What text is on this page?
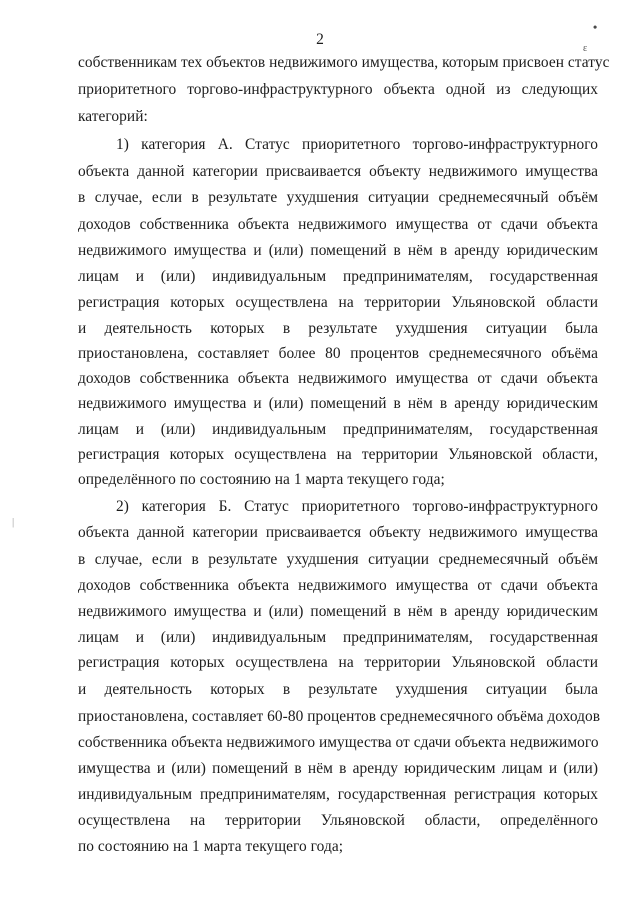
2
•
ɛ
|
собственникам тех объектов недвижимого имущества, которым присвоен статус
приоритетного торгово-инфраструктурного объекта одной из следующих
категорий:
1) категория А. Статус приоритетного торгово-инфраструктурного
объекта данной категории присваивается объекту недвижимого имущества
в случае, если в результате ухудшения ситуации среднемесячный объём
доходов собственника объекта недвижимого имущества от сдачи объекта
недвижимого имущества и (или) помещений в нём в аренду юридическим
лицам и (или) индивидуальным предпринимателям, государственная
регистрация которых осуществлена на территории Ульяновской области
и деятельность которых в результате ухудшения ситуации была
приостановлена, составляет более 80 процентов среднемесячного объёма
доходов собственника объекта недвижимого имущества от сдачи объекта
недвижимого имущества и (или) помещений в нём в аренду юридическим
лицам и (или) индивидуальным предпринимателям, государственная
регистрация которых осуществлена на территории Ульяновской области,
определённого по состоянию на 1 марта текущего года;
2) категория Б. Статус приоритетного торгово-инфраструктурного
объекта данной категории присваивается объекту недвижимого имущества
в случае, если в результате ухудшения ситуации среднемесячный объём
доходов собственника объекта недвижимого имущества от сдачи объекта
недвижимого имущества и (или) помещений в нём в аренду юридическим
лицам и (или) индивидуальным предпринимателям, государственная
регистрация которых осуществлена на территории Ульяновской области
и деятельность которых в результате ухудшения ситуации была
приостановлена, составляет 60-80 процентов среднемесячного объёма доходов
собственника объекта недвижимого имущества от сдачи объекта недвижимого
имущества и (или) помещений в нём в аренду юридическим лицам и (или)
индивидуальным предпринимателям, государственная регистрация которых
осуществлена на территории Ульяновской области, определённого
по состоянию на 1 марта текущего года;
